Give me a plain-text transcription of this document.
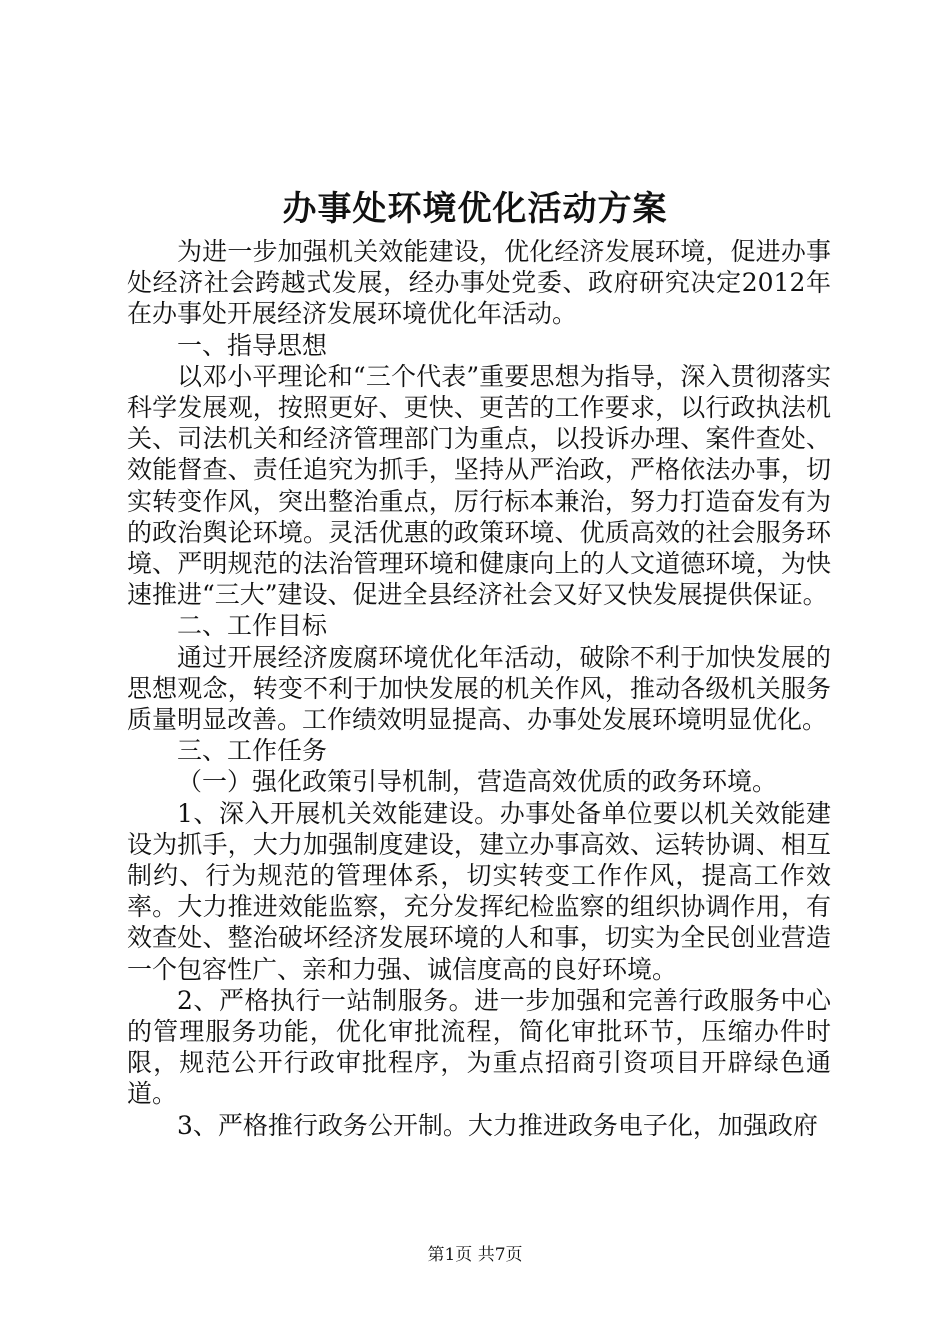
办事处环境优化活动方案

为进一步加强机关效能建设，优化经济发展环境，促进办事处经济社会跨越式发展，经办事处党委、政府研究决定2012年在办事处开展经济发展环境优化年活动。

一、指导思想

以邓小平理论和“三个代表”重要思想为指导，深入贯彻落实科学发展观，按照更好、更快、更苦的工作要求，以行政执法机关、司法机关和经济管理部门为重点，以投诉办理、案件查处、效能督查、责任追究为抓手，坚持从严治政，严格依法办事，切实转变作风，突出整治重点，厉行标本兼治，努力打造奋发有为的政治舆论环境。灵活优惠的政策环境、优质高效的社会服务环境、严明规范的法治管理环境和健康向上的人文道德环境，为快速推进“三大”建设、促进全县经济社会又好又快发展提供保证。

二、工作目标

通过开展经济废腐环境优化年活动，破除不利于加快发展的思想观念，转变不利于加快发展的机关作风，推动各级机关服务质量明显改善。工作绩效明显提高、办事处发展环境明显优化。

三、工作任务

（一）强化政策引导机制，营造高效优质的政务环境。

1、深入开展机关效能建设。办事处备单位要以机关效能建设为抓手，大力加强制度建设，建立办事高效、运转协调、相互制约、行为规范的管理体系，切实转变工作作风，提高工作效率。大力推进效能监察，充分发挥纪检监察的组织协调作用，有效查处、整治破坏经济发展环境的人和事，切实为全民创业营造一个包容性广、亲和力强、诚信度高的良好环境。

2、严格执行一站制服务。进一步加强和完善行政服务中心的管理服务功能，优化审批流程，简化审批环节，压缩办件时限，规范公开行政审批程序，为重点招商引资项目开辟绿色通道。

3、严格推行政务公开制。大力推进政务电子化，加强政府

第1页 共7页
